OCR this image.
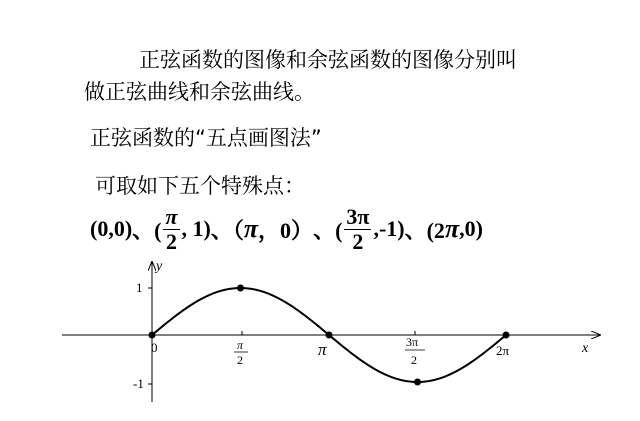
正弦函数的图像和余弦函数的图像分别叫
做正弦曲线和余弦曲线。
正弦函数的“五点画图法”
可取如下五个特殊点：
(0,0) 、( $\frac{\pi}{2}$ , 1) 、（ π ，0） 、( $\frac{3\pi}{2} ,-1$) 、(2 π ,0)
x
y
0
1
-1
π
2
π	3π
2
2π
